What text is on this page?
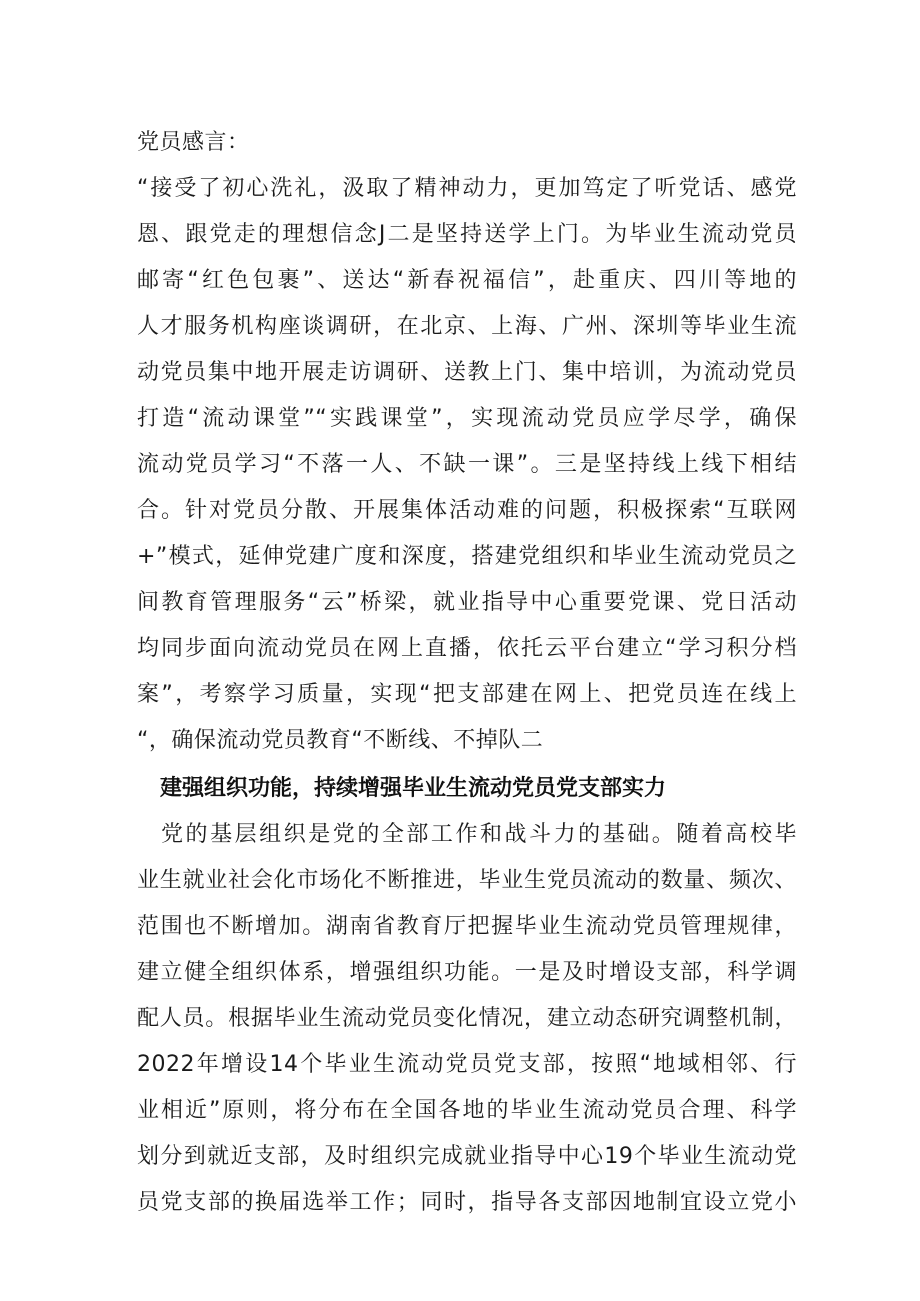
党员感言：
“接受了初心洗礼，汲取了精神动力，更加笃定了听党话、感党
恩、跟党走的理想信念J二是坚持送学上门。为毕业生流动党员
邮寄“红色包裹”、送达“新春祝福信”，赴重庆、四川等地的
人才服务机构座谈调研，在北京、上海、广州、深圳等毕业生流
动党员集中地开展走访调研、送教上门、集中培训，为流动党员
打造“流动课堂”“实践课堂”，实现流动党员应学尽学，确保
流动党员学习“不落一人、不缺一课”。三是坚持线上线下相结
合。针对党员分散、开展集体活动难的问题，积极探索“互联网
+”模式，延伸党建广度和深度，搭建党组织和毕业生流动党员之
间教育管理服务“云”桥梁，就业指导中心重要党课、党日活动
均同步面向流动党员在网上直播，依托云平台建立“学习积分档
案”，考察学习质量，实现“把支部建在网上、把党员连在线上
“，确保流动党员教育“不断线、不掉队二
建强组织功能，持续增强毕业生流动党员党支部实力
党的基层组织是党的全部工作和战斗力的基础。随着高校毕
业生就业社会化市场化不断推进，毕业生党员流动的数量、频次、
范围也不断增加。湖南省教育厅把握毕业生流动党员管理规律，
建立健全组织体系，增强组织功能。一是及时增设支部，科学调
配人员。根据毕业生流动党员变化情况，建立动态研究调整机制，
2022年增设14个毕业生流动党员党支部，按照“地域相邻、行
业相近”原则，将分布在全国各地的毕业生流动党员合理、科学
划分到就近支部，及时组织完成就业指导中心19个毕业生流动党
员党支部的换届选举工作；同时，指导各支部因地制宜设立党小
